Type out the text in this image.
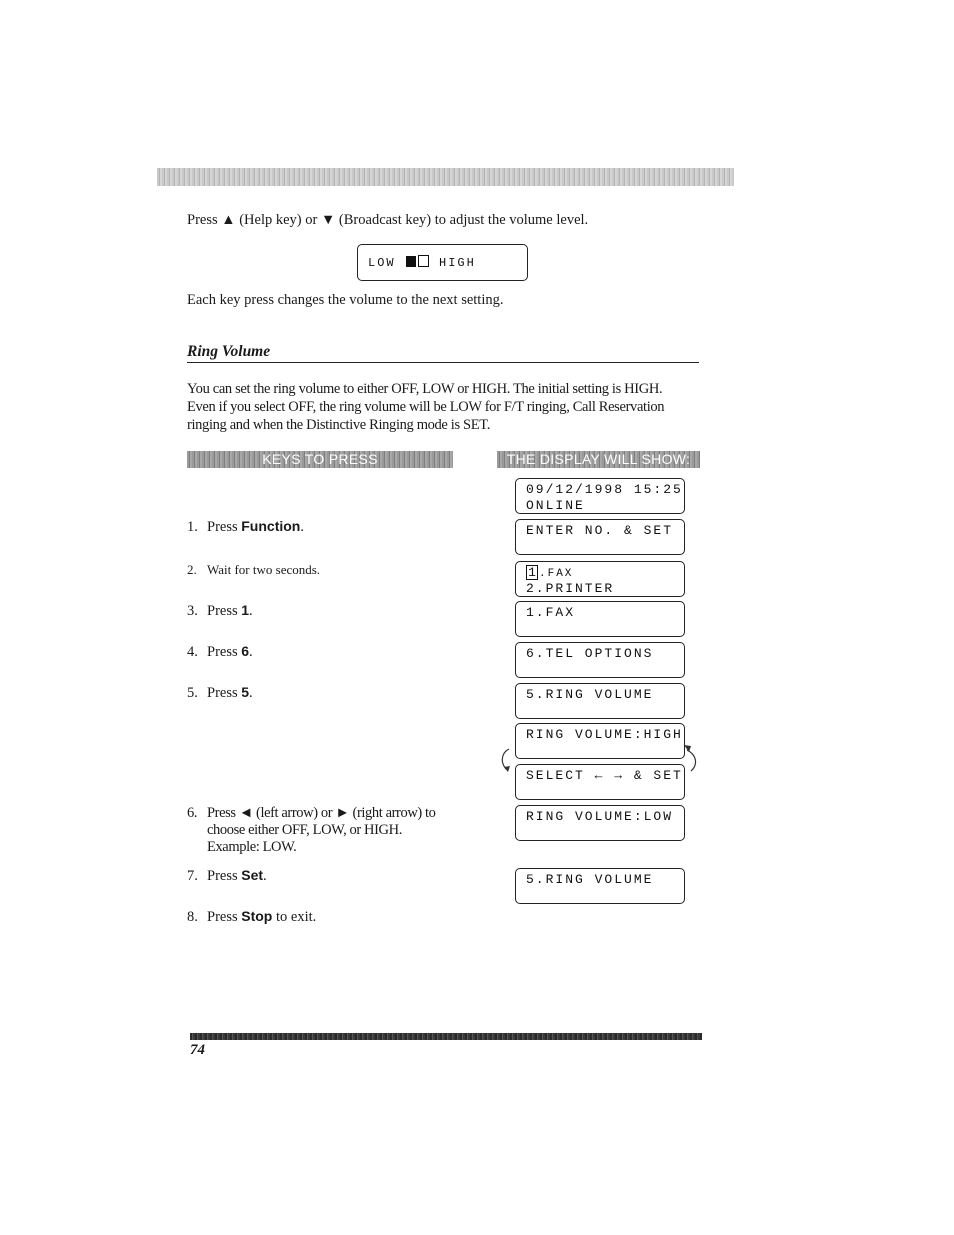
Press ▲ (Help key) or ▼ (Broadcast key) to adjust the volume level.
LOW	HIGH
Each key press changes the volume to the next setting.
Ring Volume
You can set the ring volume to either OFF, LOW or HIGH. The initial setting is HIGH.
Even if you select OFF, the ring volume will be LOW for F/T ringing, Call Reservation
ringing and when the Distinctive Ringing mode is SET.
KEYS TO PRESS	THE DISPLAY WILL SHOW:
1. Press Function.
2. Wait for two seconds.
3. Press 1.
4. Press 6.
5. Press 5.
6. Press ◄ (left arrow) or ► (right arrow) to
choose either OFF, LOW, or HIGH.
Example: LOW.
7. Press Set.
8. Press Stop to exit.
09/12/1998 15:25
ONLINE
ENTER NO. & SET
1 .FAX
2.PRINTER
1.FAX
6.TEL OPTIONS
5.RING VOLUME
RING VOLUME:HIGH
SELECT ← → & SET
RING VOLUME:LOW
5.RING VOLUME
74
